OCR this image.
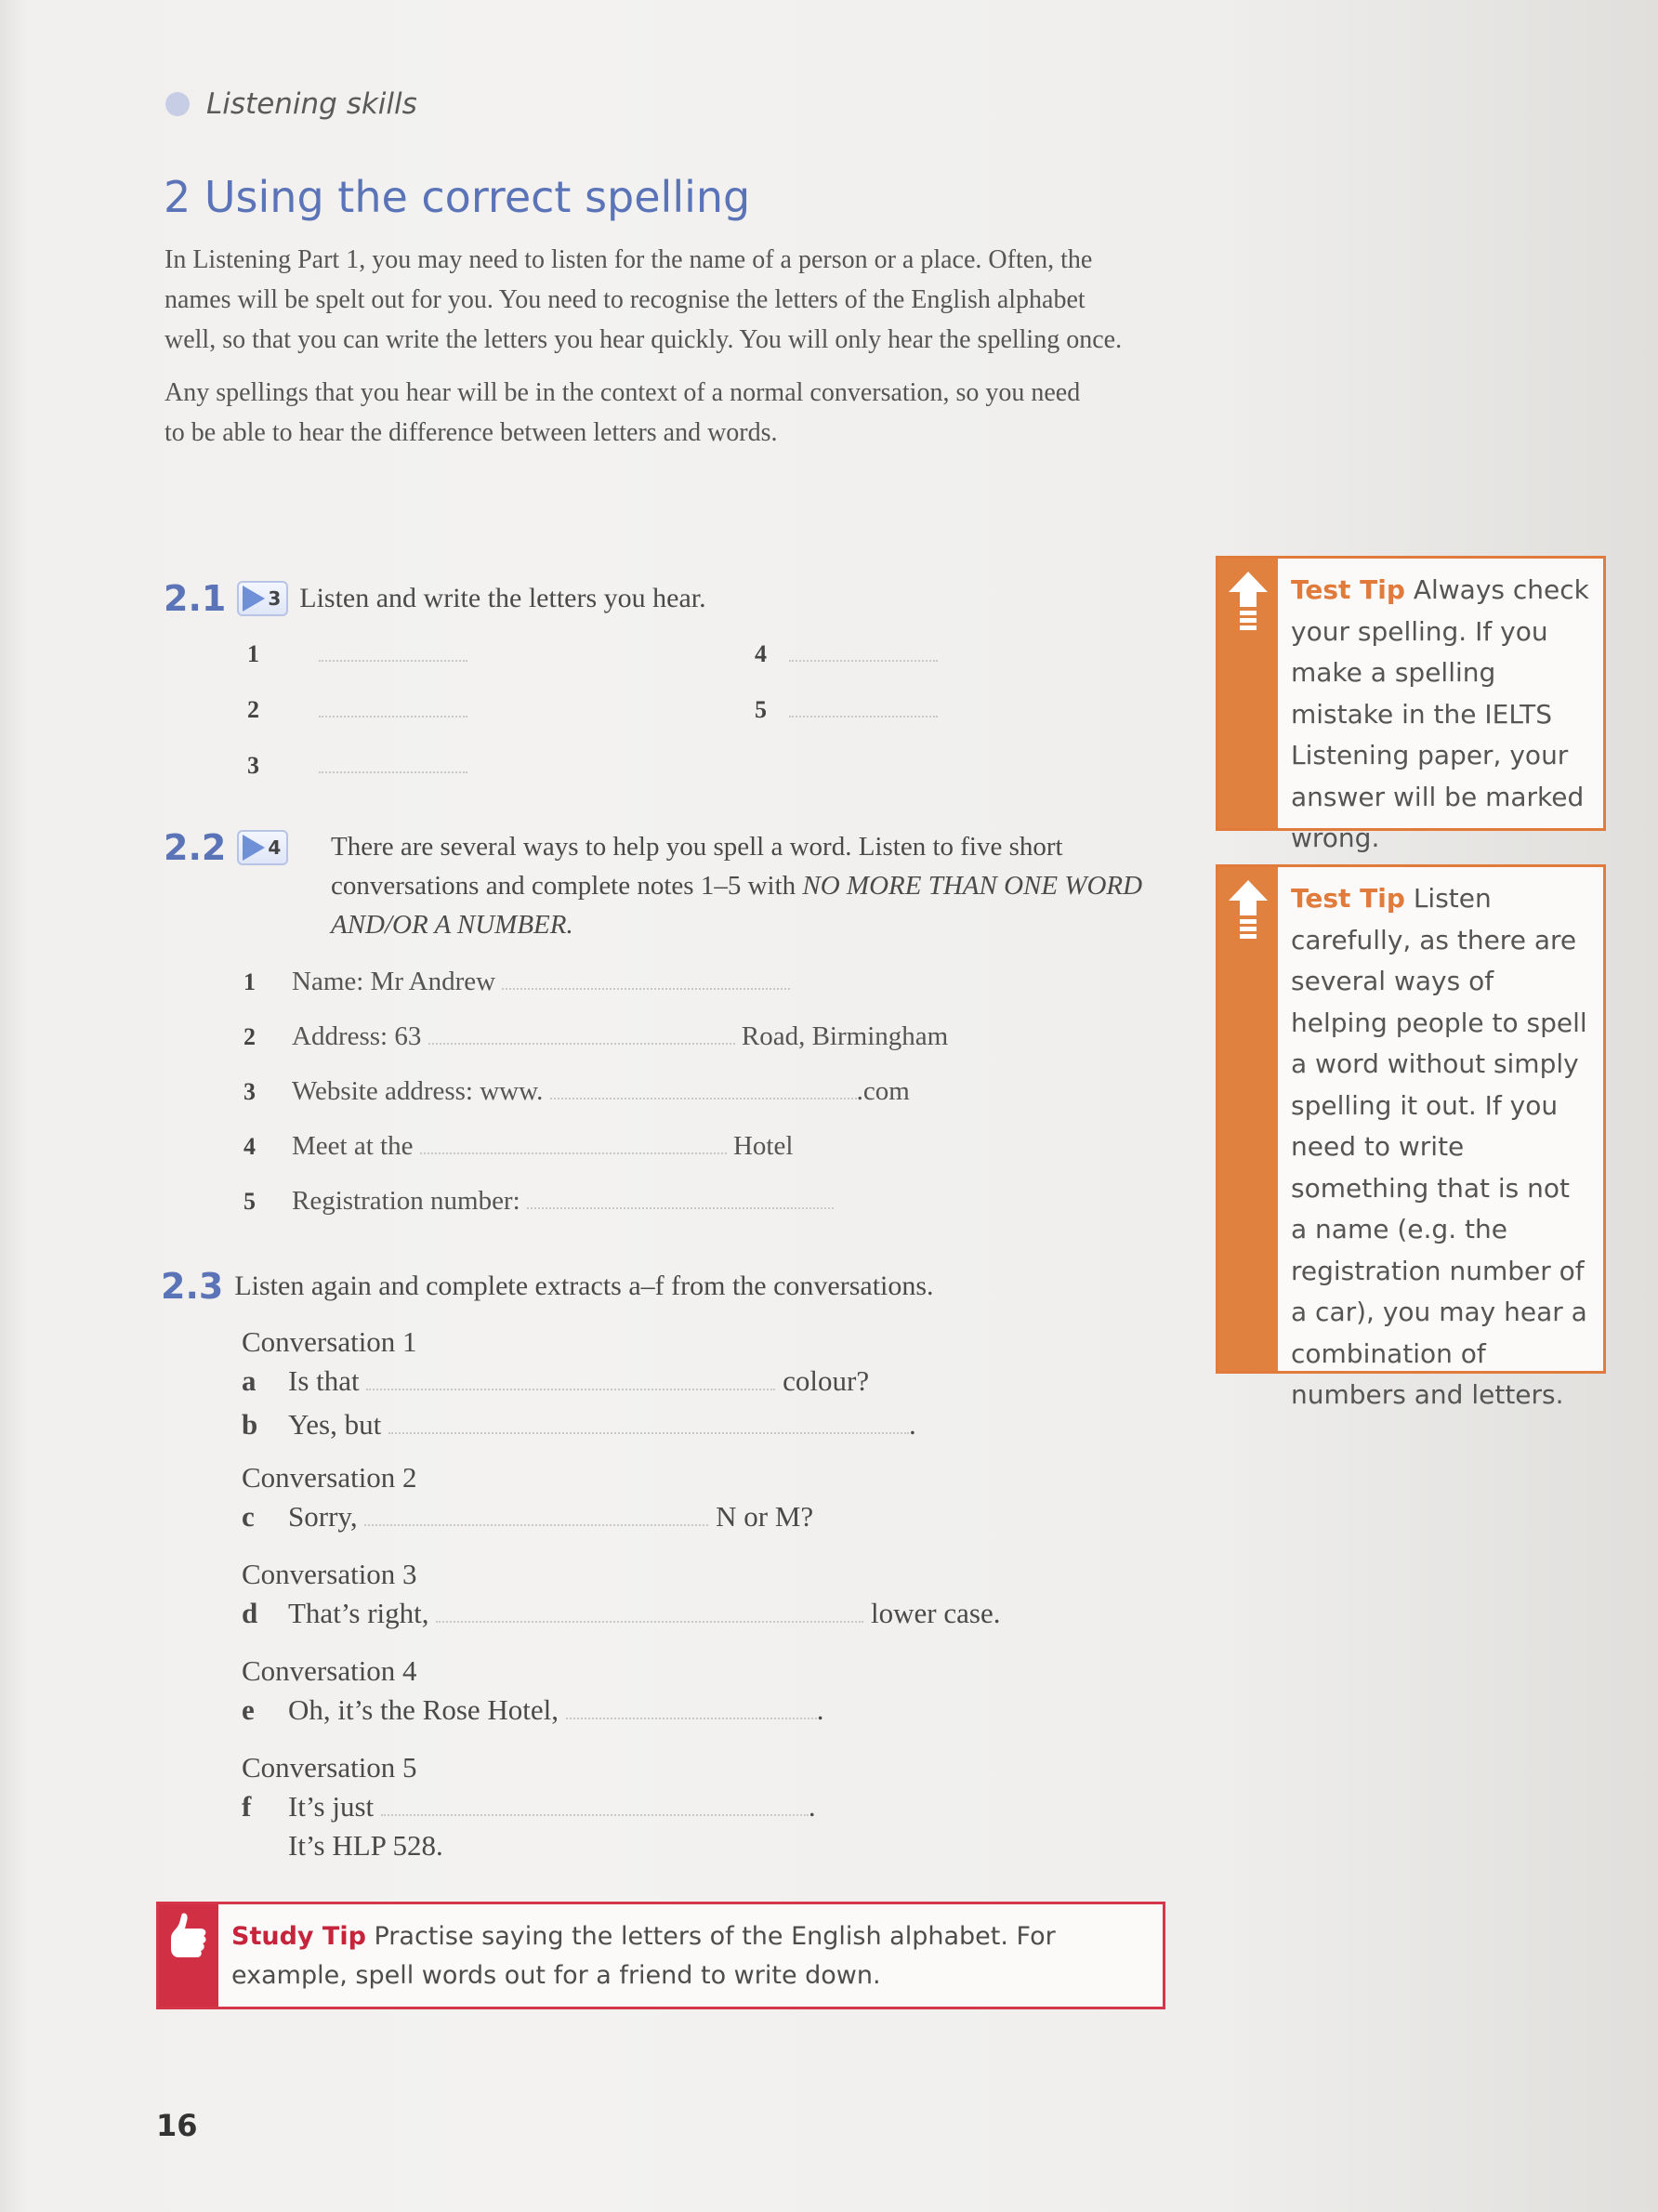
Listening skills
2 Using the correct spelling

In Listening Part 1, you may need to listen for the name of a person or a place. Often, the names will be spelt out for you. You need to recognise the letters of the English alphabet well, so that you can write the letters you hear quickly. You will only hear the spelling once.

Any spellings that you hear will be in the context of a normal conversation, so you need to be able to hear the difference between letters and words.

2.1 3 Listen and write the letters you hear.
1
2
3
4
5
2.2 4 There are several ways to help you spell a word. Listen to five short conversations and complete notes 1–5 with NO MORE THAN ONE WORD AND/OR A NUMBER.
1 Name: Mr Andrew
2 Address: 63	Road, Birmingham
3 Website address: www.	.com
4 Meet at the	Hotel
5 Registration number:
2.3 Listen again and complete extracts a–f from the conversations.
Conversation 1
a Is that	colour?
b Yes, but	.
Conversation 2
c Sorry,	N or M?
Conversation 3
d That’s right,	lower case.
Conversation 4
e Oh, it’s the Rose Hotel,	.
Conversation 5
f It’s just	.
It’s HLP 528.
Test Tip Always check your spelling. If you make a spelling mistake in the IELTS Listening paper, your answer will be marked wrong.
Test Tip Listen carefully, as there are several ways of helping people to spell a word without simply spelling it out. If you need to write something that is not a name (e.g. the registration number of a car), you may hear a combination of numbers and letters.
Study Tip Practise saying the letters of the English alphabet. For example, spell words out for a friend to write down.
16
